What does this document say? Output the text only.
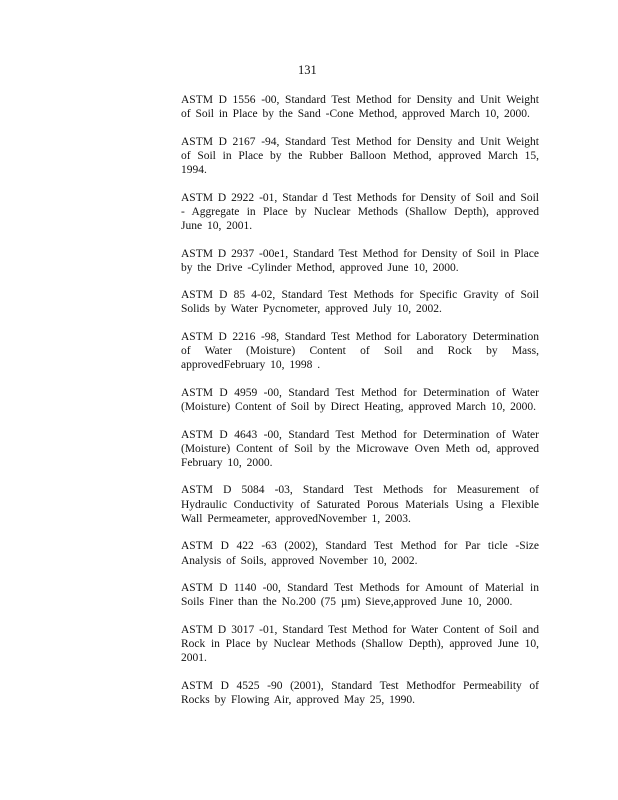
131
ASTM D 1556 -00, Standard Test Method for Density and Unit Weight of Soil in Place by the Sand -Cone Method, approved March 10, 2000.
ASTM D 2167 -94, Standard Test Method for Density and Unit Weight of Soil in Place by the Rubber Balloon Method, approved March 15, 1994.
ASTM D 2922 -01, Standar d Test Methods for Density of Soil and Soil - Aggregate in Place by Nuclear Methods (Shallow Depth), approved June 10, 2001.
ASTM D 2937 -00e1, Standard Test Method for Density of Soil in Place by the Drive -Cylinder Method, approved June 10, 2000.
ASTM D 85 4-02, Standard Test Methods for Specific Gravity of Soil Solids by Water Pycnometer, approved July 10, 2002.
ASTM D 2216 -98, Standard Test Method for Laboratory Determination of Water (Moisture) Content of Soil and Rock by Mass, approvedFebruary 10, 1998 .
ASTM D 4959 -00, Standard Test Method for Determination of Water (Moisture) Content of Soil by Direct Heating, approved March 10, 2000.
ASTM D 4643 -00, Standard Test Method for Determination of Water (Moisture) Content of Soil by the Microwave Oven Meth od, approved February 10, 2000.
ASTM D 5084 -03, Standard Test Methods for Measurement of Hydraulic Conductivity of Saturated Porous Materials Using a Flexible Wall Permeameter, approvedNovember 1, 2003.
ASTM D 422 -63 (2002), Standard Test Method for Par ticle -Size Analysis of Soils, approved November 10, 2002.
ASTM D 1140 -00, Standard Test Methods for Amount of Material in Soils Finer than the No.200 (75 µm) Sieve,approved June 10, 2000.
ASTM D 3017 -01, Standard Test Method for Water Content of Soil and Rock in Place by Nuclear Methods (Shallow Depth), approved June 10, 2001.
ASTM D 4525 -90 (2001), Standard Test Methodfor Permeability of Rocks by Flowing Air, approved May 25, 1990.
